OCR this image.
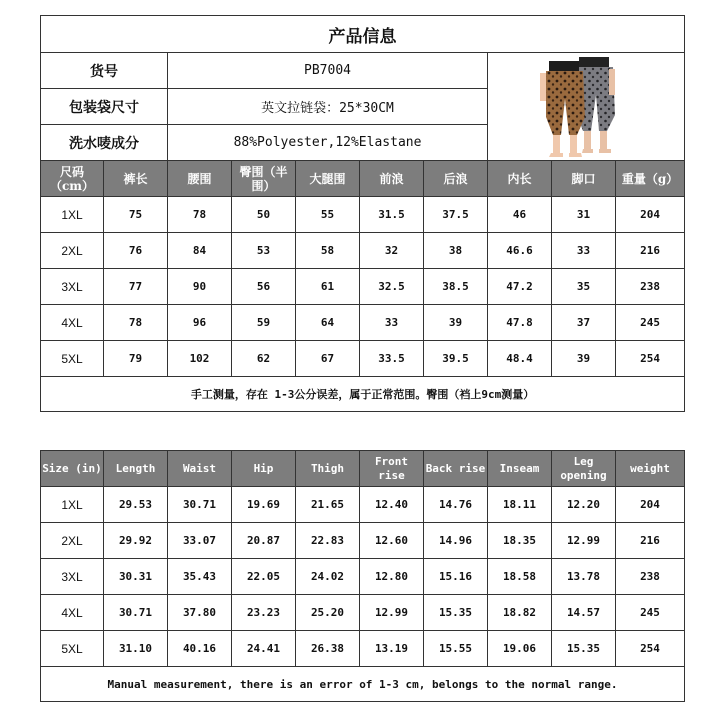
产品信息									
货号		PB7004	

包装袋尺寸		英文拉链袋：25*30CM							
洗水唛成分		88%Polyester,12%Elastane							
尺码（cm）	裤长	腰围	臀围（半围）	大腿围	前浪	后浪	内长	脚口	重量（g）
1XL	75	78	50	55	31.5	37.5	46	31	204
2XL	76	84	53	58	32	38	46.6	33	216
3XL	77	90	56	61	32.5	38.5	47.2	35	238
4XL	78	96	59	64	33	39	47.8	37	245
5XL	79	102	62	67	33.5	39.5	48.4	39	254
手工测量，存在 1-3公分误差，属于正常范围。臀围（裆上9cm测量）									
Size (in)	Length	Waist	Hip	Thigh	Front rise	Back rise	Inseam	Leg opening	weight
1XL	29.53	30.71	19.69	21.65	12.40	14.76	18.11	12.20	204
2XL	29.92	33.07	20.87	22.83	12.60	14.96	18.35	12.99	216
3XL	30.31	35.43	22.05	24.02	12.80	15.16	18.58	13.78	238
4XL	30.71	37.80	23.23	25.20	12.99	15.35	18.82	14.57	245
5XL	31.10	40.16	24.41	26.38	13.19	15.55	19.06	15.35	254
Manual measurement, there is an error of 1-3 cm, belongs to the normal range.									
